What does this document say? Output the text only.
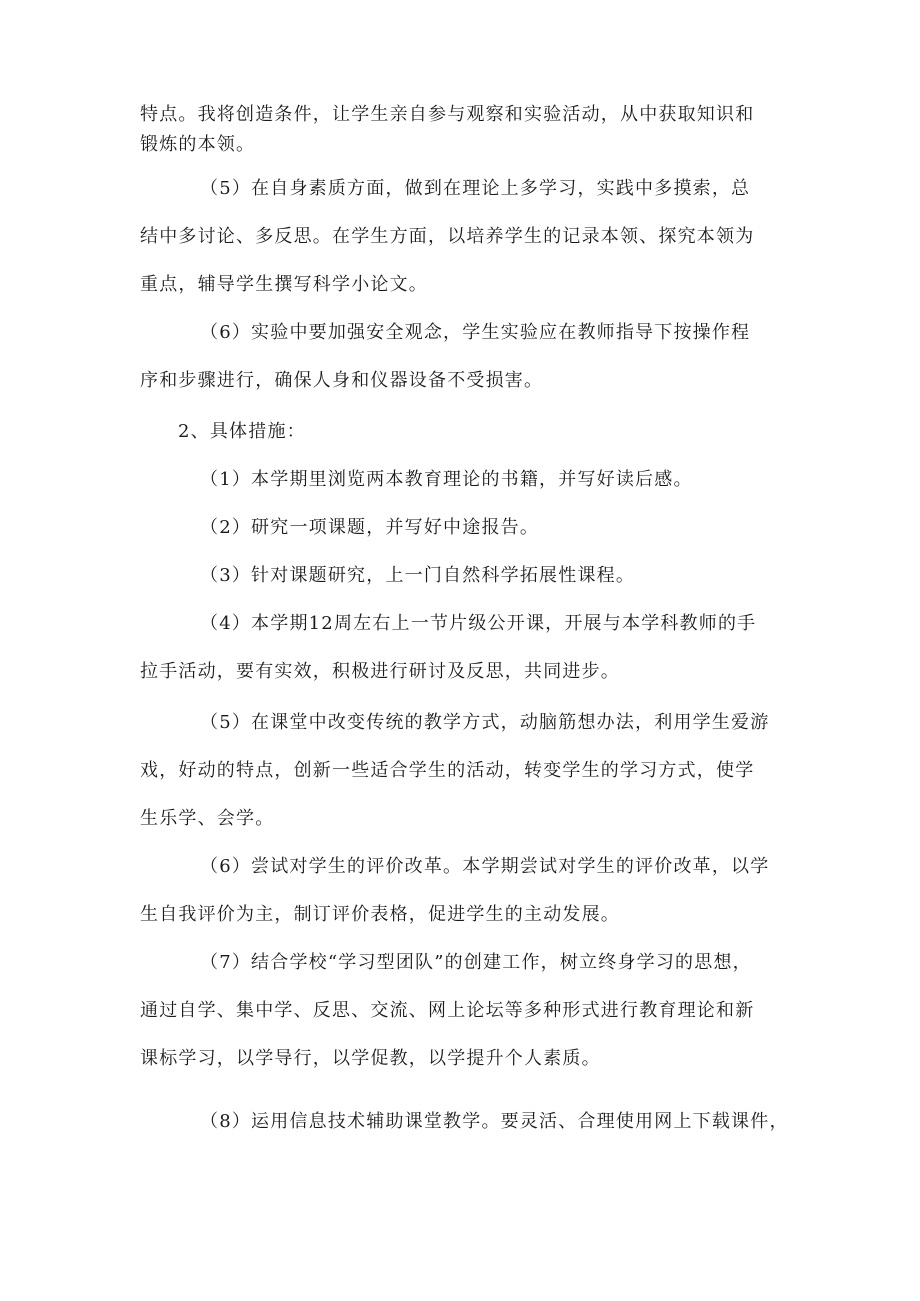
特点。我将创造条件，让学生亲自参与观察和实验活动，从中获取知识和
锻炼的本领。
（5）在自身素质方面，做到在理论上多学习，实践中多摸索，总
结中多讨论、多反思。在学生方面，以培养学生的记录本领、探究本领为
重点，辅导学生撰写科学小论文。
（6）实验中要加强安全观念，学生实验应在教师指导下按操作程
序和步骤进行，确保人身和仪器设备不受损害。
2、具体措施：
（1）本学期里浏览两本教育理论的书籍，并写好读后感。
（2）研究一项课题，并写好中途报告。
（3）针对课题研究，上一门自然科学拓展性课程。
（4）本学期12周左右上一节片级公开课，开展与本学科教师的手
拉手活动，要有实效，积极进行研讨及反思，共同进步。
（5）在课堂中改变传统的教学方式，动脑筋想办法，利用学生爱游
戏，好动的特点，创新一些适合学生的活动，转变学生的学习方式，使学
生乐学、会学。
（6）尝试对学生的评价改革。本学期尝试对学生的评价改革，以学
生自我评价为主，制订评价表格，促进学生的主动发展。
（7）结合学校“学习型团队”的创建工作，树立终身学习的思想，
通过自学、集中学、反思、交流、网上论坛等多种形式进行教育理论和新
课标学习，以学导行，以学促教，以学提升个人素质。
（8）运用信息技术辅助课堂教学。要灵活、合理使用网上下载课件，
